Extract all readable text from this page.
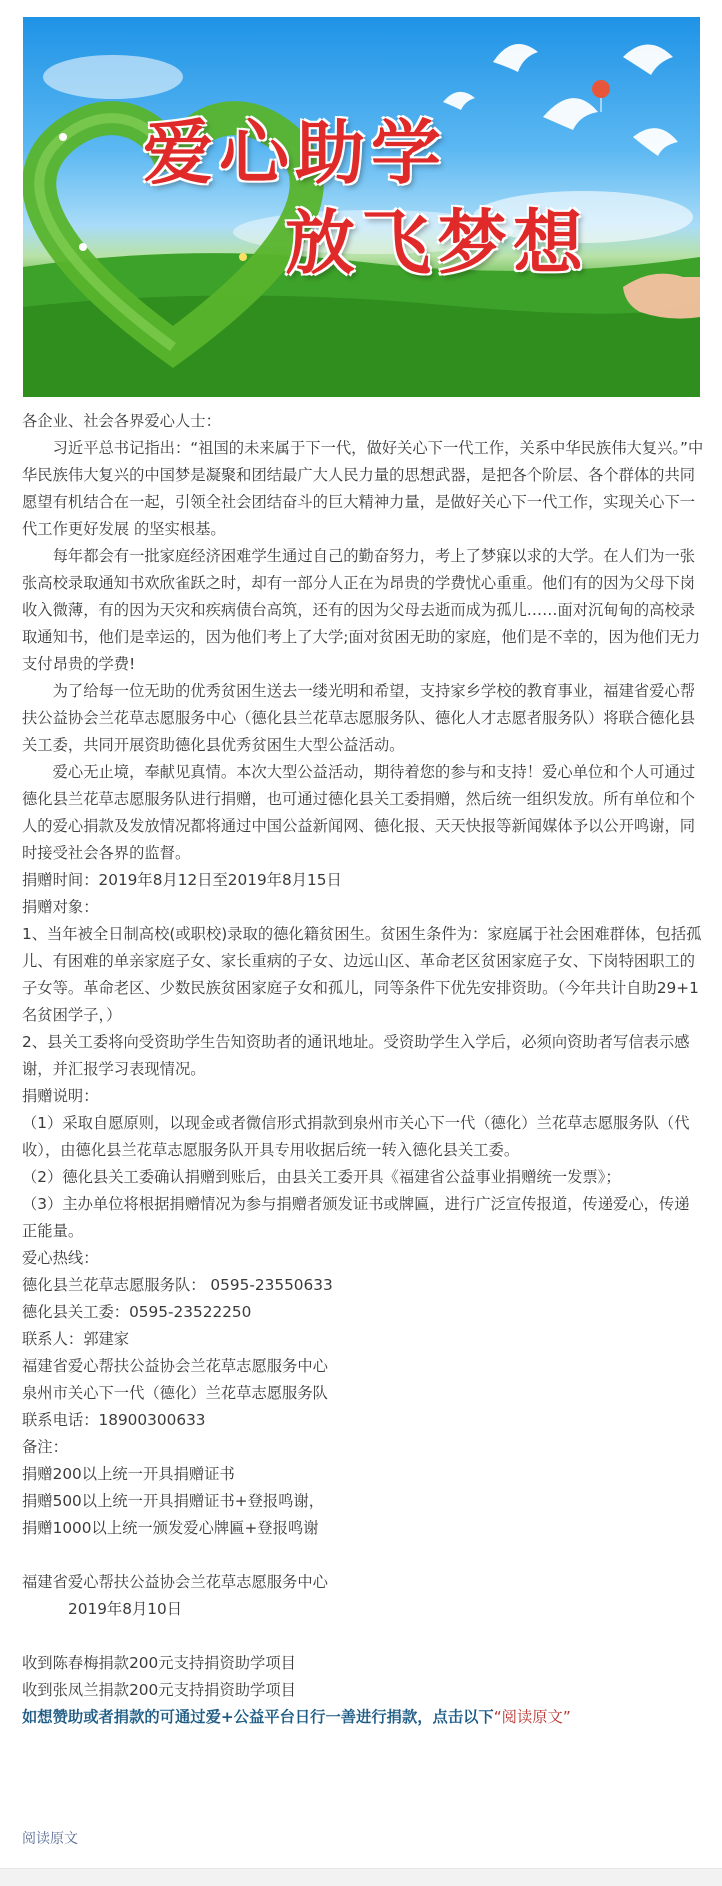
爱心助学
放飞梦想

各企业、社会各界爱心人士：

习近平总书记指出：“祖国的未来属于下一代，做好关心下一代工作，关系中华民族伟大复兴。”中华民族伟大复兴的中国梦是凝聚和团结最广大人民力量的思想武器，是把各个阶层、各个群体的共同愿望有机结合在一起，引领全社会团结奋斗的巨大精神力量，是做好关心下一代工作，实现关心下一代工作更好发展 的坚实根基。

每年都会有一批家庭经济困难学生通过自己的勤奋努力，考上了梦寐以求的大学。在人们为一张张高校录取通知书欢欣雀跃之时，却有一部分人正在为昂贵的学费忧心重重。他们有的因为父母下岗收入微薄，有的因为天灾和疾病债台高筑，还有的因为父母去逝而成为孤儿……面对沉甸甸的高校录取通知书，他们是幸运的，因为他们考上了大学;面对贫困无助的家庭，他们是不幸的，因为他们无力支付昂贵的学费!

为了给每一位无助的优秀贫困生送去一缕光明和希望，支持家乡学校的教育事业，福建省爱心帮扶公益协会兰花草志愿服务中心（德化县兰花草志愿服务队、德化人才志愿者服务队）将联合德化县关工委，共同开展资助德化县优秀贫困生大型公益活动。

爱心无止境，奉献见真情。本次大型公益活动，期待着您的参与和支持！爱心单位和个人可通过德化县兰花草志愿服务队进行捐赠，也可通过德化县关工委捐赠，然后统一组织发放。所有单位和个人的爱心捐款及发放情况都将通过中国公益新闻网、德化报、天天快报等新闻媒体予以公开鸣谢，同时接受社会各界的监督。

捐赠时间：2019年8月12日至2019年8月15日

捐赠对象：

1、当年被全日制高校(或职校)录取的德化籍贫困生。贫困生条件为：家庭属于社会困难群体，包括孤儿、有困难的单亲家庭子女、家长重病的子女、边远山区、革命老区贫困家庭子女、下岗特困职工的子女等。革命老区、少数民族贫困家庭子女和孤儿，同等条件下优先安排资助。（今年共计自助29+1名贫困学子，）

2、县关工委将向受资助学生告知资助者的通讯地址。受资助学生入学后，必须向资助者写信表示感谢，并汇报学习表现情况。

捐赠说明：

（1）采取自愿原则，以现金或者微信形式捐款到泉州市关心下一代（德化）兰花草志愿服务队（代收），由德化县兰花草志愿服务队开具专用收据后统一转入德化县关工委。

（2）德化县关工委确认捐赠到账后，由县关工委开具《福建省公益事业捐赠统一发票》；

（3）主办单位将根据捐赠情况为参与捐赠者颁发证书或牌匾，进行广泛宣传报道，传递爱心，传递正能量。

爱心热线：

德化县兰花草志愿服务队： 0595-23550633

德化县关工委：0595-23522250

联系人：郭建家

福建省爱心帮扶公益协会兰花草志愿服务中心

泉州市关心下一代（德化）兰花草志愿服务队

联系电话：18900300633

备注：

捐赠200以上统一开具捐赠证书

捐赠500以上统一开具捐赠证书+登报鸣谢，

捐赠1000以上统一颁发爱心牌匾+登报鸣谢

福建省爱心帮扶公益协会兰花草志愿服务中心

2019年8月10日

收到陈春梅捐款200元支持捐资助学项目

收到张凤兰捐款200元支持捐资助学项目

如想赞助或者捐款的可通过爱+公益平台日行一善进行捐款，点击以下“阅读原文”

阅读原文
